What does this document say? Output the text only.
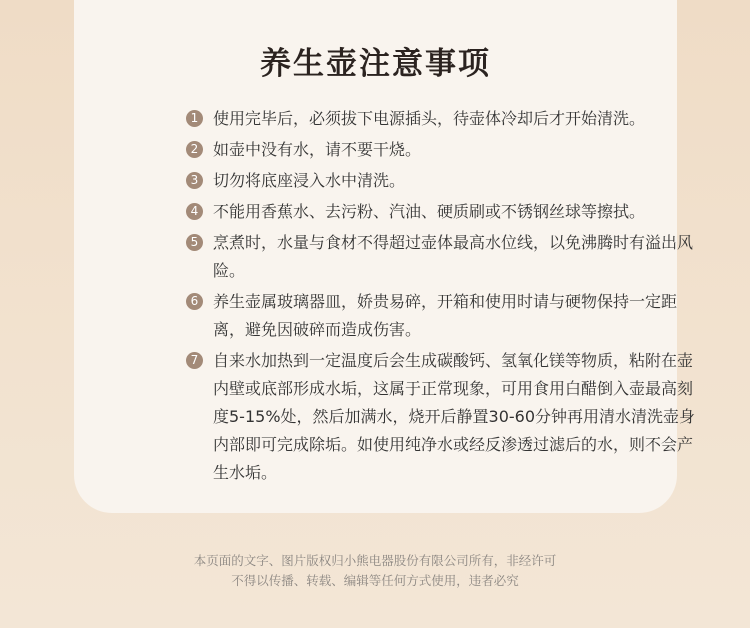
养生壶注意事项
1 使用完毕后，必须拔下电源插头，待壶体冷却后才开始清洗。
2 如壶中没有水，请不要干烧。
3 切勿将底座浸入水中清洗。
4 不能用香蕉水、去污粉、汽油、硬质刷或不锈钢丝球等擦拭。
5 烹煮时，水量与食材不得超过壶体最高水位线，以免沸腾时有溢出风险。
6 养生壶属玻璃器皿，娇贵易碎，开箱和使用时请与硬物保持一定距离，避免因破碎而造成伤害。
7 自来水加热到一定温度后会生成碳酸钙、氢氧化镁等物质，粘附在壶内壁或底部形成水垢，这属于正常现象，可用食用白醋倒入壶最高刻度5-15%处，然后加满水，烧开后静置30-60分钟再用清水清洗壶身内部即可完成除垢。如使用纯净水或经反渗透过滤后的水，则不会产生水垢。
本页面的文字、图片版权归小熊电器股份有限公司所有，非经许可
不得以传播、转载、编辑等任何方式使用，违者必究
